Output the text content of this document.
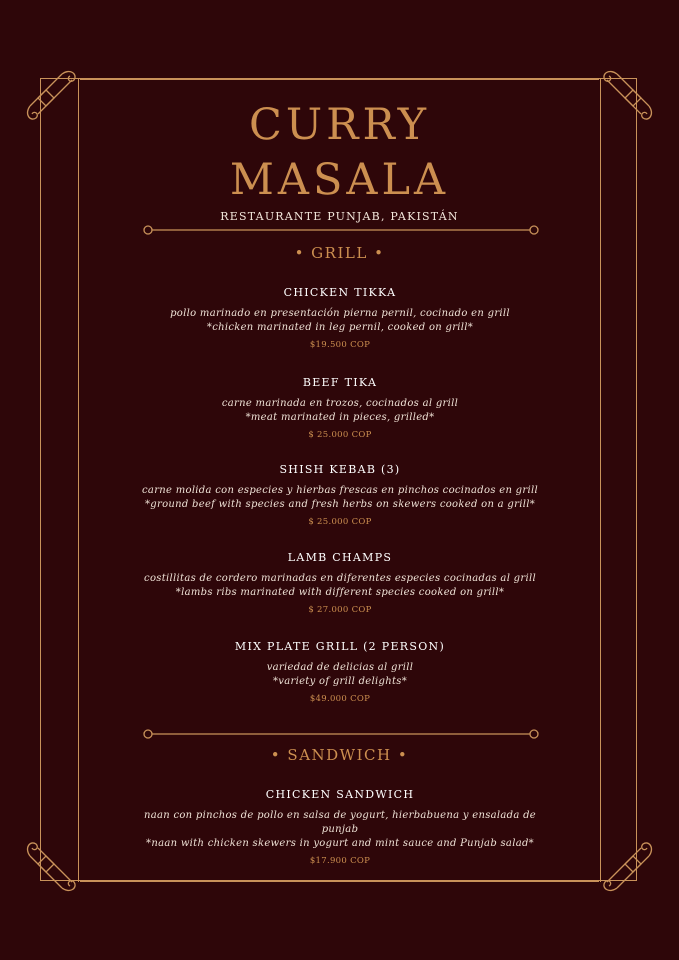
CURRY
MASALA
RESTAURANTE PUNJAB, PAKISTÁN
• GRILL •
CHICKEN TIKKA
pollo marinado en presentación pierna pernil, cocinado en grill
*chicken marinated in leg pernil, cooked on grill*
$19.500 COP
BEEF TIKA
carne marinada en trozos, cocinados al grill
*meat marinated in pieces, grilled*
$ 25.000 COP
SHISH KEBAB (3)
carne molida con especies y hierbas frescas en pinchos cocinados en grill
*ground beef with species and fresh herbs on skewers cooked on a grill*
$ 25.000 COP
LAMB CHAMPS
costillitas de cordero marinadas en diferentes especies cocinadas al grill
*lambs ribs marinated with different species cooked on grill*
$ 27.000 COP
MIX PLATE GRILL (2 PERSON)
variedad de delicias al grill
*variety of grill delights*
$49.000 COP
• SANDWICH •
CHICKEN SANDWICH
naan con pinchos de pollo en salsa de yogurt, hierbabuena y ensalada de punjab
*naan with chicken skewers in yogurt and mint sauce and Punjab salad*
$17.900 COP
